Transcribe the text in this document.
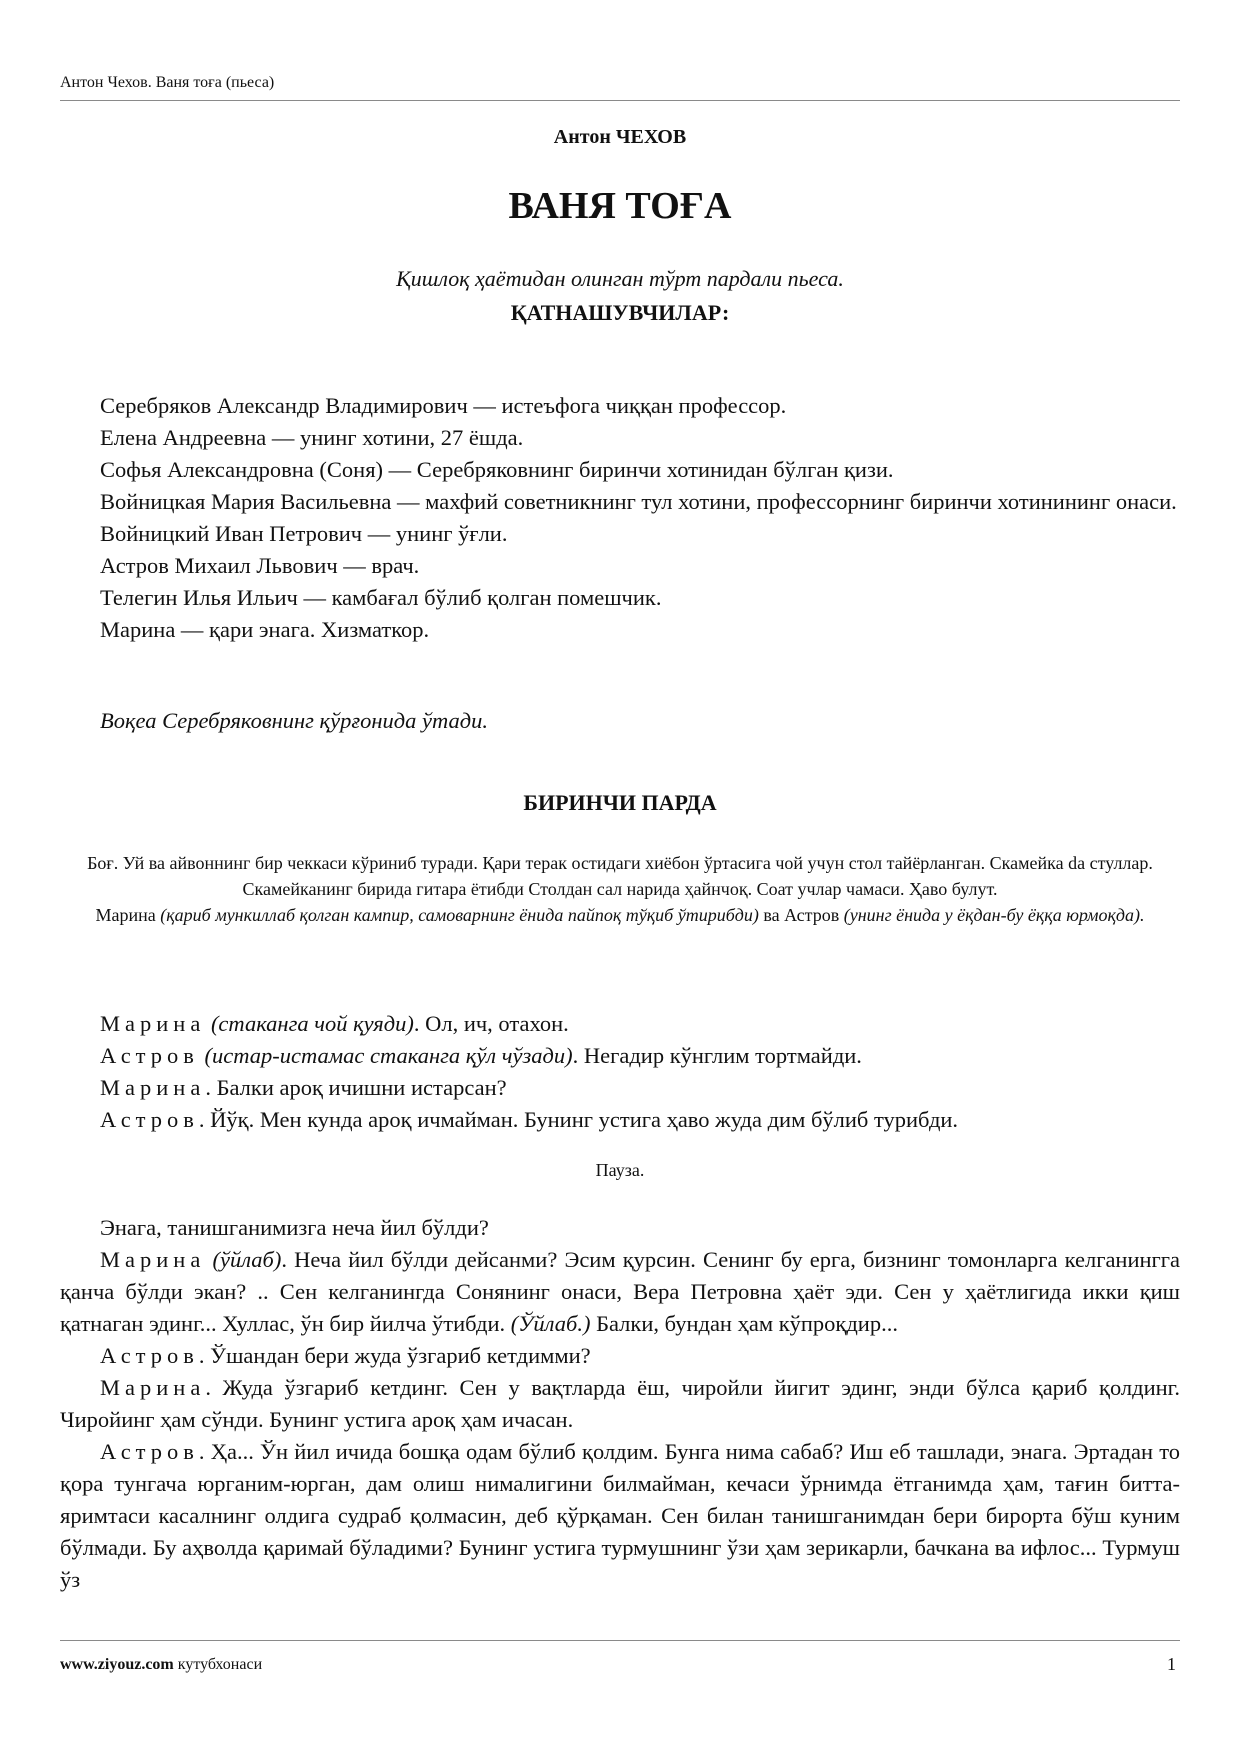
Антон Чехов. Ваня тоға (пьеса)
Антон ЧЕХОВ
ВАНЯ ТОҒА
Қишлоқ ҳаётидан олинган тўрт пардали пьеса.
ҚАТНАШУВЧИЛАР:

Серебряков Александр Владимирович — истеъфога чиққан профессор.

Елена Андреевна — унинг хотини, 27 ёшда.

Софья Александровна (Соня) — Серебряковнинг биринчи хотинидан бўлган қизи.

Войницкая Мария Васильевна — махфий советникнинг тул хотини, профессорнинг биринчи хотинининг онаси.

Войницкий Иван Петрович — унинг ўғли.

Астров Михаил Львович — врач.

Телегин Илья Ильич — камбағал бўлиб қолган помешчик.

Марина — қари энага. Хизматкор.

Воқеа Серебряковнинг қўрғонида ўтади.
БИРИНЧИ ПАРДА

Боғ. Уй ва айвоннинг бир чеккаси кўриниб туради. Қари терак остидаги хиёбон ўртасига чой учун стол тайёрланган. Скамейка da стуллар. Скамейканинг бирида гитара ётибди Столдан сал нарида ҳайнчоқ. Соат учлар чамаси. Ҳаво булут.

Марина (қариб мункиллаб қолган кампир, самоварнинг ёнида пайпоқ тўқиб ўтирибди) ва Астров (унинг ёнида у ёқдан-бу ёққа юрмоқда).

Марина (стаканга чой қуяди). Ол, ич, отахон.

Астров (истар-истамас стаканга қўл чўзади). Негадир кўнглим тортмайди.

Марина. Балки ароқ ичишни истарсан?

Астров. Йўқ. Мен кунда ароқ ичмайман. Бунинг устига ҳаво жуда дим бўлиб турибди.

Пауза.

Энага, танишганимизга неча йил бўлди?

Марина (ўйлаб). Неча йил бўлди дейсанми? Эсим қурсин. Сенинг бу ерга, бизнинг томонларга келганингга қанча бўлди экан? .. Сен келганингда Сонянинг онаси, Вера Петровна ҳаёт эди. Сен у ҳаётлигида икки қиш қатнаган эдинг... Хуллас, ўн бир йилча ўтибди. (Ўйлаб.) Балки, бундан ҳам кўпроқдир...

Астров. Ўшандан бери жуда ўзгариб кетдимми?

Марина. Жуда ўзгариб кетдинг. Сен у вақтларда ёш, чиройли йигит эдинг, энди бўлса қариб қолдинг. Чиройинг ҳам сўнди. Бунинг устига ароқ ҳам ичасан.

Астров. Ҳа... Ўн йил ичида бошқа одам бўлиб қолдим. Бунга нима сабаб? Иш еб ташлади, энага. Эртадан то қора тунгача юрганим-юрган, дам олиш нималигини билмайман, кечаси ўрнимда ётганимда ҳам, тағин битта-яримтаси касалнинг олдига судраб қолмасин, деб қўрқаман. Сен билан танишганимдан бери бирорта бўш куним бўлмади. Бу аҳволда қаримай бўладими? Бунинг устига турмушнинг ўзи ҳам зерикарли, бачкана ва ифлос... Турмуш ўз

www.ziyouz.com кутубхонаси	1
